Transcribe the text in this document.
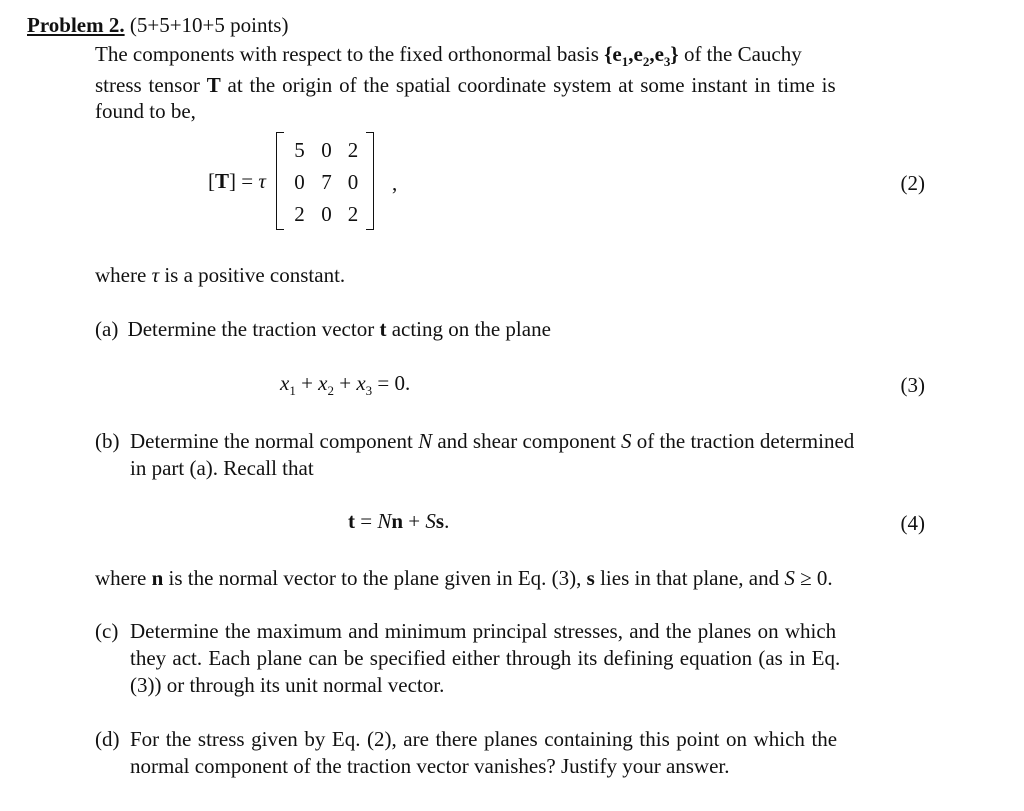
Problem 2. (5+5+10+5 points)
The components with respect to the fixed orthonormal basis $\{e_1,e_2,e_3\}$ of the Cauchy
stress tensor T at the origin of the spatial coordinate system at some instant in time is
found to be,
[T] = τ
5 0 2
0 7 0
2 0 2
,	(2)
where τ is a positive constant.
(a) Determine the traction vector t acting on the plane
$x_1 + x_2 + x_3 = 0$.	(3)
(b) Determine the normal component N and shear component S of the traction determined
in part (a). Recall that
t = Nn + Ss.	(4)
where n is the normal vector to the plane given in Eq. (3), s lies in that plane, and S ≥ 0.
(c) Determine the maximum and minimum principal stresses, and the planes on which
they act. Each plane can be specified either through its defining equation (as in Eq.
(3)) or through its unit normal vector.
(d) For the stress given by Eq. (2), are there planes containing this point on which the
normal component of the traction vector vanishes? Justify your answer.
